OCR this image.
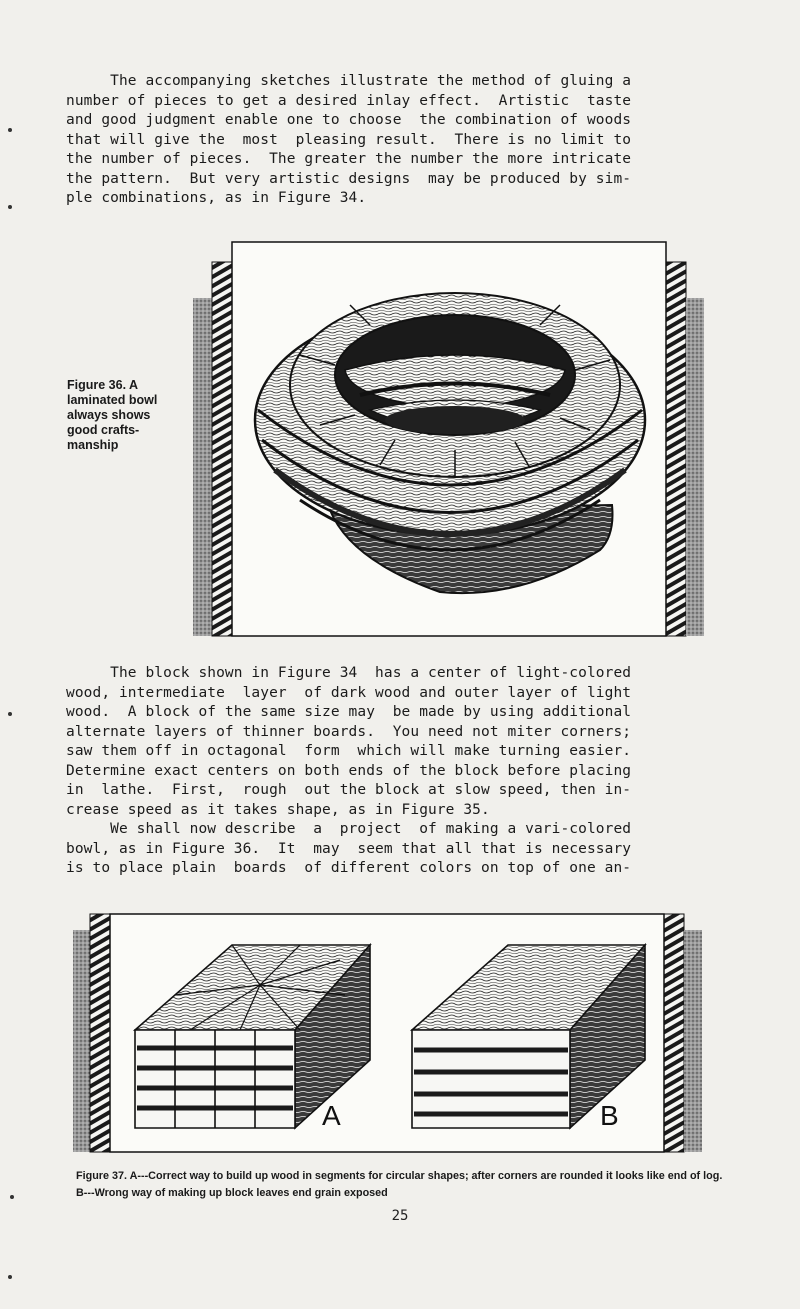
The accompanying sketches illustrate the method of gluing a
number of pieces to get a desired inlay effect.  Artistic  taste
and good judgment enable one to choose  the combination of woods
that will give the  most  pleasing result.  There is no limit to
the number of pieces.  The greater the number the more intricate
the pattern.  But very artistic designs  may be produced by sim-
ple combinations, as in Figure 34.
Figure 36. A laminated bowl always shows good crafts-manship
The block shown in Figure 34  has a center of light-colored
wood, intermediate  layer  of dark wood and outer layer of light
wood.  A block of the same size may  be made by using additional
alternate layers of thinner boards.  You need not miter corners;
saw them off in octagonal  form  which will make turning easier.
Determine exact centers on both ends of the block before placing
in  lathe.  First,  rough  out the block at slow speed, then in-
crease speed as it takes shape, as in Figure 35.
We shall now describe  a  project  of making a vari-colored
bowl, as in Figure 36.  It  may  seem that all that is necessary
is to place plain  boards  of different colors on top of one an-
A	B
Figure 37. A---Correct way to build up wood in segments for circular shapes; after corners are rounded it looks like end of log. B---Wrong way of making up block leaves end grain exposed
25
